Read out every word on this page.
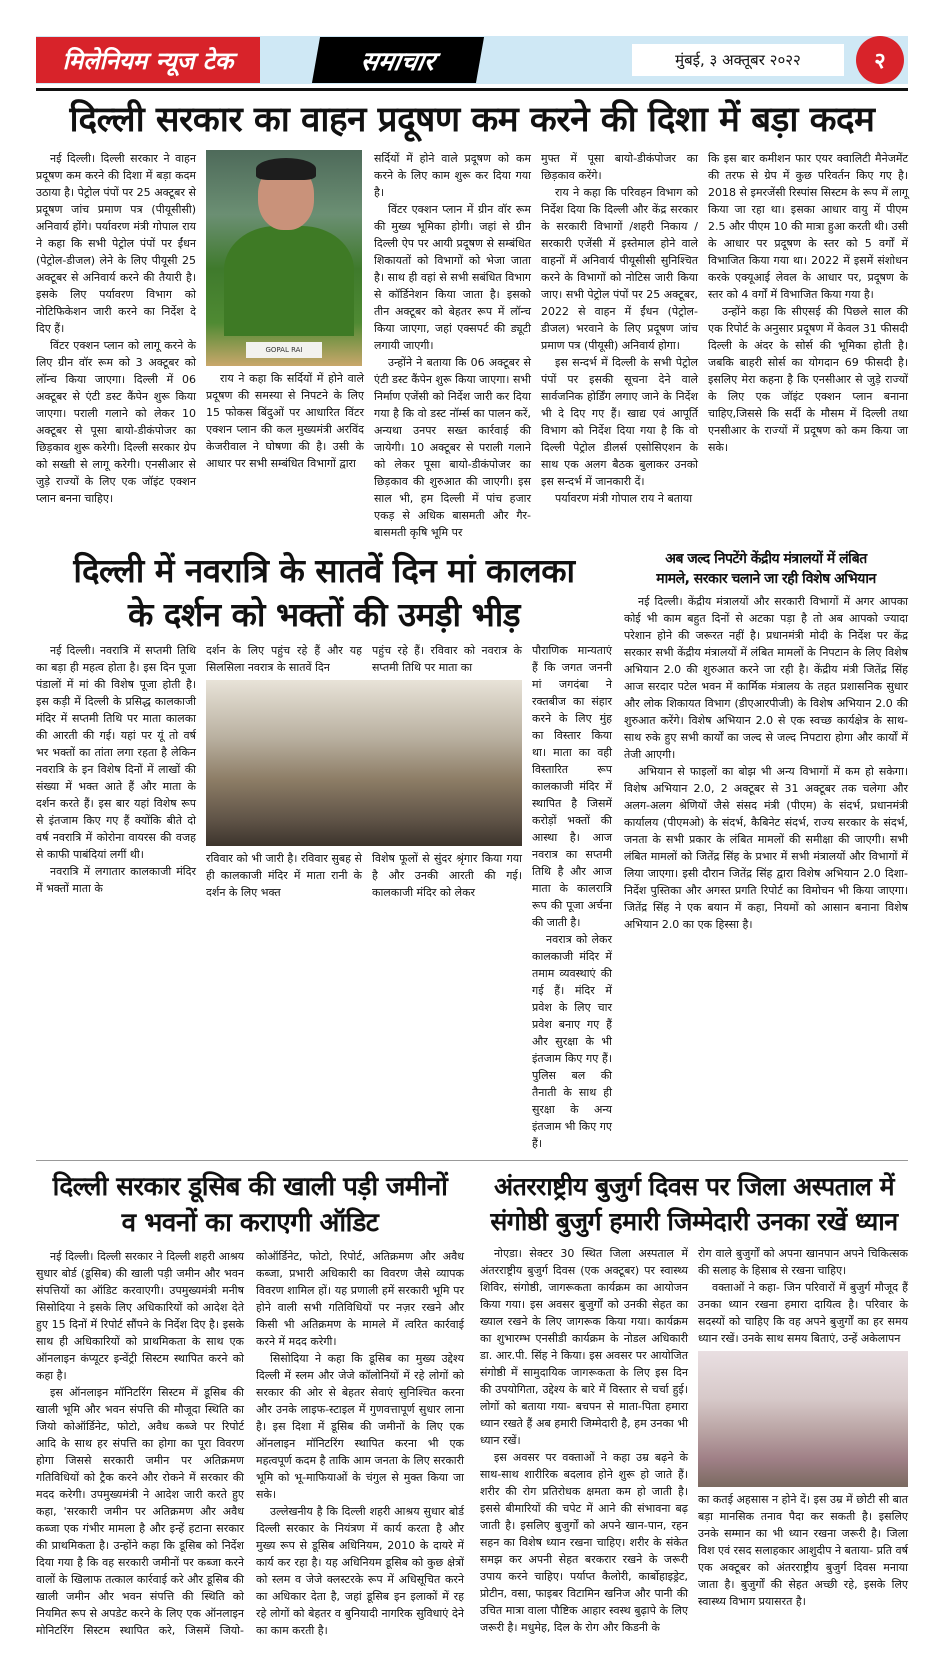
मिलेनियम न्यूज टेक	समाचार	मुंबई, ३ अक्तूबर २०२२	२
दिल्ली सरकार का वाहन प्रदूषण कम करने की दिशा में बड़ा कदम

नई दिल्ली। दिल्ली सरकार ने वाहन प्रदूषण कम करने की दिशा में बड़ा कदम उठाया है। पेट्रोल पंपों पर 25 अक्टूबर से प्रदूषण जांच प्रमाण पत्र (पीयूसीसी) अनिवार्य होंगे। पर्यावरण मंत्री गोपाल राय ने कहा कि सभी पेट्रोल पंपों पर ईंधन (पेट्रोल-डीजल) लेने के लिए पीयूसी 25 अक्टूबर से अनिवार्य करने की तैयारी है। इसके लिए पर्यावरण विभाग को नोटिफिकेशन जारी करने का निर्देश दे दिए हैं।

विंटर एक्शन प्लान को लागू करने के लिए ग्रीन वॉर रूम को 3 अक्टूबर को लॉन्च किया जाएगा। दिल्ली में 06 अक्टूबर से एंटी डस्ट कैंपेन शुरू किया जाएगा। पराली गलाने को लेकर 10 अक्टूबर से पूसा बायो-डीकंपोजर का छिड़काव शुरू करेगी। दिल्ली सरकार ग्रेप को सख्ती से लागू करेगी। एनसीआर से जुड़े राज्यों के लिए एक जॉइंट एक्शन प्लान बनना चाहिए।

GOPAL RAI

राय ने कहा कि सर्दियों में होने वाले प्रदूषण की समस्या से निपटने के लिए 15 फोकस बिंदुओं पर आधारित विंटर एक्शन प्लान की कल मुख्यमंत्री अरविंद केजरीवाल ने घोषणा की है। उसी के आधार पर सभी सम्बंधित विभागों द्वारा

सर्दियों में होने वाले प्रदूषण को कम करने के लिए काम शुरू कर दिया गया है।

विंटर एक्शन प्लान में ग्रीन वॉर रूम की मुख्य भूमिका होगी। जहां से ग्रीन दिल्ली ऐप पर आयी प्रदूषण से सम्बंधित शिकायतों को विभागों को भेजा जाता है। साथ ही वहां से सभी सबंधित विभाग से कॉर्डिनेशन किया जाता है। इसको तीन अक्टूबर को बेहतर रूप में लॉन्च किया जाएगा, जहां एक्सपर्ट की ड्यूटी लगायी जाएगी।

उन्होंने ने बताया कि 06 अक्टूबर से एंटी डस्ट कैंपेन शुरू किया जाएगा। सभी निर्माण एजेंसी को निर्देश जारी कर दिया गया है कि वो डस्ट नॉर्म्स का पालन करें, अन्यथा उनपर सख्त कार्रवाई की जायेगी। 10 अक्टूबर से पराली गलाने को लेकर पूसा बायो-डीकंपोजर का छिड़काव की शुरुआत की जाएगी। इस साल भी, हम दिल्ली में पांच हजार एकड़ से अधिक बासमती और गैर-बासमती कृषि भूमि पर

मुफ्त में पूसा बायो-डीकंपोजर का छिड़काव करेंगे।

राय ने कहा कि परिवहन विभाग को निर्देश दिया कि दिल्ली और केंद्र सरकार के सरकारी विभागों /शहरी निकाय / सरकारी एजेंसी में इस्तेमाल होने वाले वाहनों में अनिवार्य पीयूसीसी सुनिश्चित करने के विभागों को नोटिस जारी किया जाए। सभी पेट्रोल पंपों पर 25 अक्टूबर, 2022 से वाहन में ईंधन (पेट्रोल-डीजल) भरवाने के लिए प्रदूषण जांच प्रमाण पत्र (पीयूसी) अनिवार्य होगा।

इस सन्दर्भ में दिल्ली के सभी पेट्रोल पंपों पर इसकी सूचना देने वाले सार्वजनिक होर्डिंग लगाए जाने के निर्देश भी दे दिए गए हैं। खाद्य एवं आपूर्ति विभाग को निर्देश दिया गया है कि वो दिल्ली पेट्रोल डीलर्स एसोसिएशन के साथ एक अलग बैठक बुलाकर उनको इस सन्दर्भ में जानकारी दें।

पर्यावरण मंत्री गोपाल राय ने बताया

कि इस बार कमीशन फार एयर क्वालिटी मैनेजमेंट की तरफ से ग्रेप में कुछ परिवर्तन किए गए है। 2018 से इमरजेंसी रिस्पांस सिस्टम के रूप में लागू किया जा रहा था। इसका आधार वायु में पीएम 2.5 और पीएम 10 की मात्रा हुआ करती थी। उसी के आधार पर प्रदूषण के स्तर को 5 वर्गों में विभाजित किया गया था। 2022 में इसमें संशोधन करके एक्यूआई लेवल के आधार पर, प्रदूषण के स्तर को 4 वर्गों में विभाजित किया गया है।

उन्होंने कहा कि सीएसई की पिछले साल की एक रिपोर्ट के अनुसार प्रदूषण में केवल 31 फीसदी दिल्ली के अंदर के सोर्स की भूमिका होती है। जबकि बाहरी सोर्स का योगदान 69 फीसदी है। इसलिए मेरा कहना है कि एनसीआर से जुड़े राज्यों के लिए एक जॉइंट एक्शन प्लान बनाना चाहिए,जिससे कि सर्दी के मौसम में दिल्ली तथा एनसीआर के राज्यों में प्रदूषण को कम किया जा सके।

दिल्ली में नवरात्रि के सातवें दिन मां कालका
के दर्शन को भक्तों की उमड़ी भीड़

नई दिल्ली। नवरात्रि में सप्तमी तिथि का बड़ा ही महत्व होता है। इस दिन पूजा पंडालों में मां की विशेष पूजा होती है। इस कड़ी में दिल्ली के प्रसिद्ध कालकाजी मंदिर में सप्तमी तिथि पर माता कालका की आरती की गई। यहां पर यूं तो वर्ष भर भक्तों का तांता लगा रहता है लेकिन नवरात्रि के इन विशेष दिनों में लाखों की संख्या में भक्त आते हैं और माता के दर्शन करते हैं। इस बार यहां विशेष रूप से इंतजाम किए गए हैं क्योंकि बीते दो वर्ष नवरात्रि में कोरोना वायरस की वजह से काफी पाबंदियां लगीं थी।

नवरात्रि में लगातार कालकाजी मंदिर में भक्तों माता के

दर्शन के लिए पहुंच रहे हैं और यह सिलसिला नवरात्र के सातवें दिन
पहुंच रहे हैं। रविवार को नवरात्र के सप्तमी तिथि पर माता का
रविवार को भी जारी है। रविवार सुबह से ही कालकाजी मंदिर में माता रानी के दर्शन के लिए भक्त
विशेष फूलों से सुंदर श्रृंगार किया गया है और उनकी आरती की गई। कालकाजी मंदिर को लेकर

पौराणिक मान्यताएं हैं कि जगत जननी मां जगदंबा ने रक्तबीज का संहार करने के लिए मुंह का विस्तार किया था। माता का वही विस्तारित रूप कालकाजी मंदिर में स्थापित है जिसमें करोड़ों भक्तों की आस्था है। आज नवरात्र का सप्तमी तिथि है और आज माता के कालरात्रि रूप की पूजा अर्चना की जाती है।

नवरात्र को लेकर कालकाजी मंदिर में तमाम व्यवस्थाएं की गई हैं। मंदिर में प्रवेश के लिए चार प्रवेश बनाए गए हैं और सुरक्षा के भी इंतजाम किए गए हैं। पुलिस बल की तैनाती के साथ ही सुरक्षा के अन्य इंतजाम भी किए गए हैं।

अब जल्द निपटेंगे केंद्रीय मंत्रालयों में लंबित
मामले, सरकार चलाने जा रही विशेष अभियान

नई दिल्ली। केंद्रीय मंत्रालयों और सरकारी विभागों में अगर आपका कोई भी काम बहुत दिनों से अटका पड़ा है तो अब आपको ज्यादा परेशान होने की जरूरत नहीं है। प्रधानमंत्री मोदी के निर्देश पर केंद्र सरकार सभी केंद्रीय मंत्रालयों में लंबित मामलों के निपटान के लिए विशेष अभियान 2.0 की शुरुआत करने जा रही है। केंद्रीय मंत्री जितेंद्र सिंह आज सरदार पटेल भवन में कार्मिक मंत्रालय के तहत प्रशासनिक सुधार और लोक शिकायत विभाग (डीएआरपीजी) के विशेष अभियान 2.0 की शुरुआत करेंगे। विशेष अभियान 2.0 से एक स्वच्छ कार्यक्षेत्र के साथ-साथ रुके हुए सभी कार्यों का जल्द से जल्द निपटारा होगा और कार्यों में तेजी आएगी।

अभियान से फाइलों का बोझ भी अन्य विभागों में कम हो सकेगा। विशेष अभियान 2.0, 2 अक्टूबर से 31 अक्टूबर तक चलेगा और अलग-अलग श्रेणियों जैसे संसद मंत्री (पीएम) के संदर्भ, प्रधानमंत्री कार्यालय (पीएमओ) के संदर्भ, कैबिनेट संदर्भ, राज्य सरकार के संदर्भ, जनता के सभी प्रकार के लंबित मामलों की समीक्षा की जाएगी। सभी लंबित मामलों को जितेंद्र सिंह के प्रभार में सभी मंत्रालयों और विभागों में लिया जाएगा। इसी दौरान जितेंद्र सिंह द्वारा विशेष अभियान 2.0 दिशा-निर्देश पुस्तिका और अगस्त प्रगति रिपोर्ट का विमोचन भी किया जाएगा। जितेंद्र सिंह ने एक बयान में कहा, नियमों को आसान बनाना विशेष अभियान 2.0 का एक हिस्सा है।

दिल्ली सरकार डूसिब की खाली पड़ी जमीनों
व भवनों का कराएगी ऑडिट

नई दिल्ली। दिल्ली सरकार ने दिल्ली शहरी आश्रय सुधार बोर्ड (डूसिब) की खाली पड़ी जमीन और भवन संपत्तियों का ऑडिट करवाएगी। उपमुख्यमंत्री मनीष सिसोदिया ने इसके लिए अधिकारियों को आदेश देते हुए 15 दिनों में रिपोर्ट सौंपने के निर्देश दिए है। इसके साथ ही अधिकारियों को प्राथमिकता के साथ एक ऑनलाइन कंप्यूटर इन्वेंट्री सिस्टम स्थापित करने को कहा है।

इस ऑनलाइन मॉनिटरिंग सिस्टम में डूसिब की खाली भूमि और भवन संपत्ति की मौजूदा स्थिति का जियो कोऑर्डिनेट, फोटो, अवैध कब्जे पर रिपोर्ट आदि के साथ हर संपत्ति का होगा का पूरा विवरण होगा जिससे सरकारी जमीन पर अतिक्रमण गतिविधियों को ट्रैक करने और रोकने में सरकार की मदद करेगी। उपमुख्यमंत्री ने आदेश जारी करते हुए कहा, 'सरकारी जमीन पर अतिक्रमण और अवैध कब्जा एक गंभीर मामला है और इन्हें हटाना सरकार की प्राथमिकता है। उन्होंने कहा कि डूसिब को निर्देश दिया गया है कि वह सरकारी जमीनों पर कब्जा करने वालों के खिलाफ तत्काल कार्रवाई करे और डूसिब की खाली जमीन और भवन संपत्ति की स्थिति को नियमित रूप से अपडेट करने के लिए एक ऑनलाइन मोनिटरिंग सिस्टम स्थापित करे, जिसमें जियो-कोऑर्डिनेट, फोटो, रिपोर्ट, अतिक्रमण और अवैध कब्जा, प्रभारी अधिकारी का विवरण जैसे व्यापक विवरण शामिल हों। यह प्रणाली हमें सरकारी भूमि पर होने वाली सभी गतिविधियों पर नज़र रखने और किसी भी अतिक्रमण के मामले में त्वरित कार्रवाई करने में मदद करेगी।

सिसोदिया ने कहा कि डूसिब का मुख्य उद्देश्य दिल्ली में स्लम और जेजे कॉलोनियों में रहे लोगों को सरकार की ओर से बेहतर सेवाएं सुनिश्चित करना और उनके लाइफ-स्टाइल में गुणवत्तापूर्ण सुधार लाना है। इस दिशा में डूसिब की जमीनों के लिए एक ऑनलाइन मॉनिटरिंग स्थापित करना भी एक महत्वपूर्ण कदम है ताकि आम जनता के लिए सरकारी भूमि को भू-माफियाओं के चंगुल से मुक्त किया जा सके।

उल्लेखनीय है कि दिल्ली शहरी आश्रय सुधार बोर्ड दिल्ली सरकार के नियंत्रण में कार्य करता है और मुख्य रूप से डूसिब अधिनियम, 2010 के दायरे में कार्य कर रहा है। यह अधिनियम डूसिब को कुछ क्षेत्रों को स्लम व जेजे क्लस्टरके रूप में अधिसूचित करने का अधिकार देता है, जहां डूसिब इन इलाकों में रह रहे लोगों को बेहतर व बुनियादी नागरिक सुविधाएं देने का काम करती है।

अंतरराष्ट्रीय बुजुर्ग दिवस पर जिला अस्पताल में
संगोष्ठी बुजुर्ग हमारी जिम्मेदारी उनका रखें ध्यान

नोएडा। सेक्टर 30 स्थित जिला अस्पताल में अंतरराष्ट्रीय बुजुर्ग दिवस (एक अक्टूबर) पर स्वास्थ्य शिविर, संगोष्ठी, जागरूकता कार्यक्रम का आयोजन किया गया। इस अवसर बुजुर्गों को उनकी सेहत का ख्याल रखने के लिए जागरूक किया गया। कार्यक्रम का शुभारम्भ एनसीडी कार्यक्रम के नोडल अधिकारी डा. आर.पी. सिंह ने किया। इस अवसर पर आयोजित संगोष्ठी में सामुदायिक जागरूकता के लिए इस दिन की उपयोगिता, उद्देश्य के बारे में विस्तार से चर्चा हुई। लोगों को बताया गया- बचपन से माता-पिता हमारा ध्यान रखते हैं अब हमारी जिम्मेदारी है, हम उनका भी ध्यान रखें।

इस अवसर पर वक्ताओं ने कहा उम्र बढ़ने के साथ-साथ शारीरिक बदलाव होने शुरू हो जाते हैं। शरीर की रोग प्रतिरोधक क्षमता कम हो जाती है। इससे बीमारियों की चपेट में आने की संभावना बढ़ जाती है। इसलिए बुजुर्गों को अपने खान-पान, रहन सहन का विशेष ध्यान रखना चाहिए। शरीर के संकेत समझ कर अपनी सेहत बरकरार रखने के जरूरी उपाय करने चाहिए। पर्याप्त कैलोरी, कार्बोहाइड्रेट, प्रोटीन, वसा, फाइबर विटामिन खनिज और पानी की उचित मात्रा वाला पौष्टिक आहार स्वस्थ बुढ़ापे के लिए जरूरी है। मधुमेह, दिल के रोग और किडनी के

रोग वाले बुजुर्गों को अपना खानपान अपने चिकित्सक की सलाह के हिसाब से रखना चाहिए।

वक्ताओं ने कहा- जिन परिवारों में बुजुर्ग मौजूद हैं उनका ध्यान रखना हमारा दायित्व है। परिवार के सदस्यों को चाहिए कि वह अपने बुजुर्गों का हर समय ध्यान रखें। उनके साथ समय बिताएं, उन्हें अकेलापन

का कतई अहसास न होने दें। इस उम्र में छोटी सी बात बड़ा मानसिक तनाव पैदा कर सकती है। इसलिए उनके सम्मान का भी ध्यान रखना जरूरी है। जिला विश एवं रसद सलाहकार आशुदीप ने बताया- प्रति वर्ष एक अक्टूबर को अंतरराष्ट्रीय बुजुर्ग दिवस मनाया जाता है। बुजुर्गों की सेहत अच्छी रहे, इसके लिए स्वास्थ्य विभाग प्रयासरत है।
